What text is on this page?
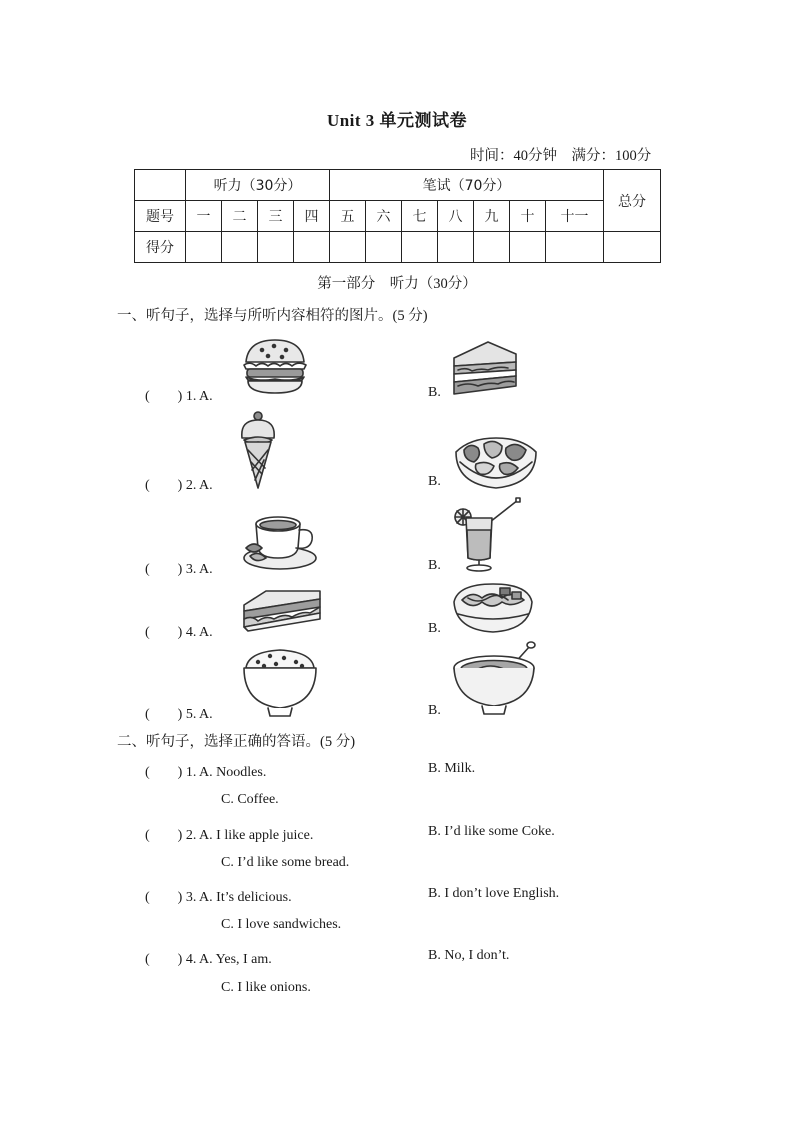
Unit 3 单元测试卷
时间：40分钟 满分：100分
	听力（30分）				笔试（70分）							总分	
题号	一	二	三	四	五	六	七	八	九	十	十一		
得分													
第一部分　听力（30分）
一、听句子，选择与所听内容相符的图片。(5 分)
(　　) 1. A.	B.
(　　) 2. A.	B.
(　　) 3. A.	B.
(　　) 4. A.	B.
(　　) 5. A.	B.
二、听句子，选择正确的答语。(5 分)
(　　) 1. A. Noodles.	B. Milk.
C. Coffee.
(　　) 2. A. I like apple juice.	B. I’d like some Coke.
C. I’d like some bread.
(　　) 3. A. It’s delicious.	B. I don’t love English.
C. I love sandwiches.
(　　) 4. A. Yes, I am.	B. No, I don’t.
C. I like onions.
